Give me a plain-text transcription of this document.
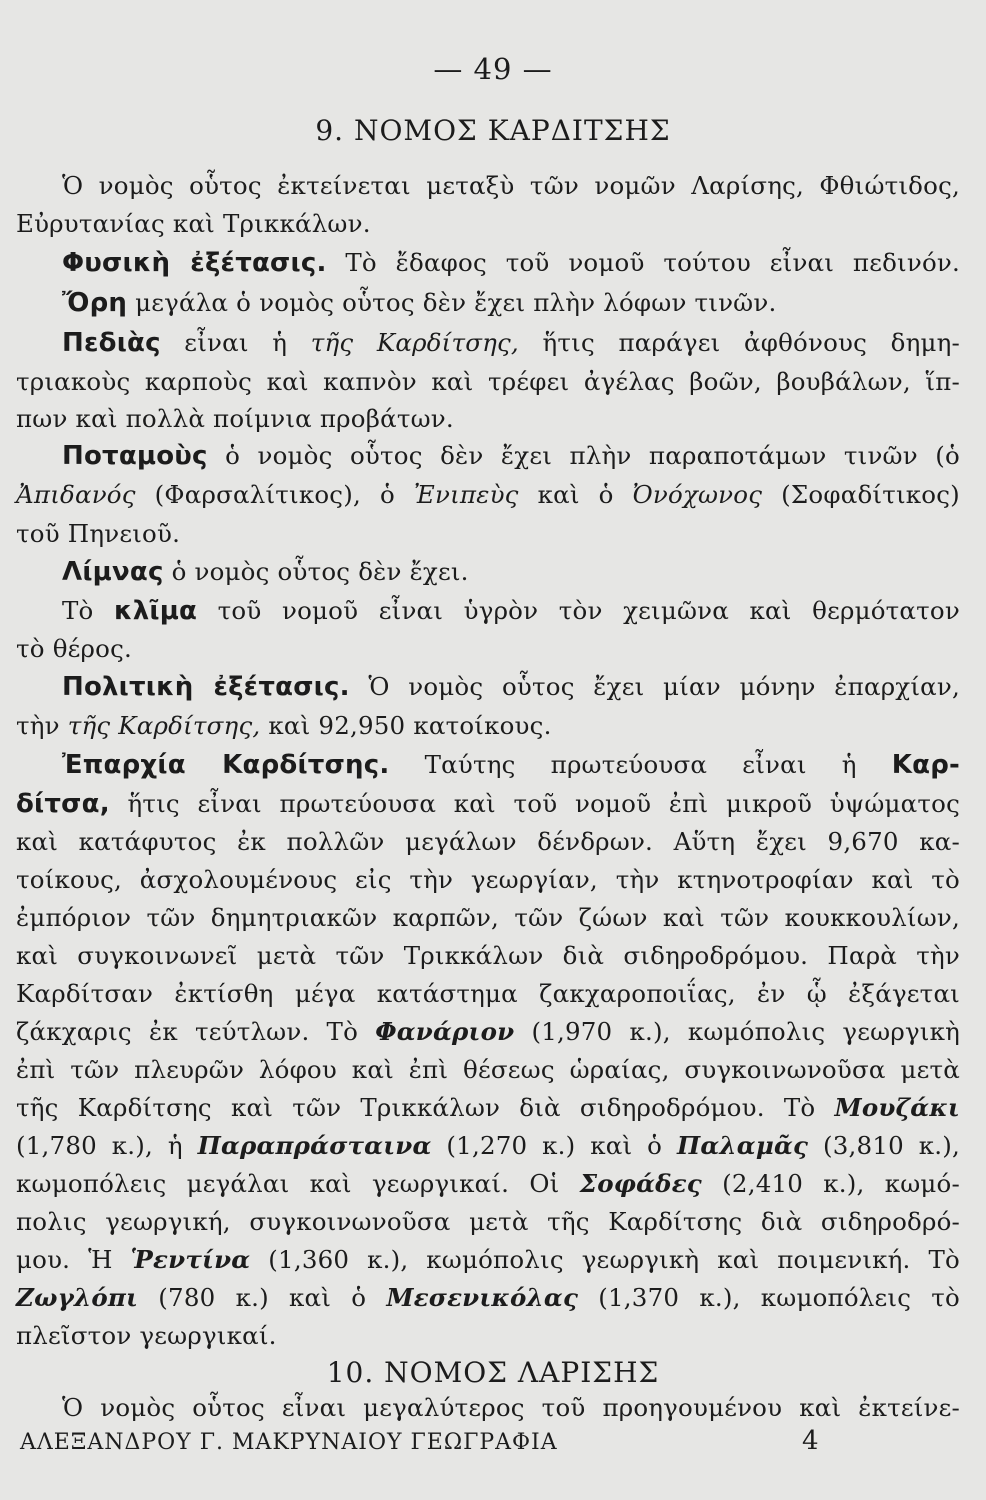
— 49 —
9. ΝΟΜΟΣ ΚΑΡΔΙΤΣΗΣ
Ὁ νομὸς οὗτος ἐκτείνεται μεταξὺ τῶν νομῶν Λαρίσης, Φθιώτιδος,
Εὐρυτανίας καὶ Τρικκάλων.
Φυσικὴ ἐξέτασις. Τὸ ἔδαφος τοῦ νομοῦ τούτου εἶναι πεδινόν.
Ὄρη μεγάλα ὁ νομὸς οὗτος δὲν ἔχει πλὴν λόφων τινῶν.
Πεδιὰς εἶναι ἡ τῆς Καρδίτσης, ἥτις παράγει ἀφθόνους δημη-
τριακοὺς καρποὺς καὶ καπνὸν καὶ τρέφει ἀγέλας βοῶν, βουβάλων, ἵπ-
πων καὶ πολλὰ ποίμνια προβάτων.
Ποταμοὺς ὁ νομὸς οὗτος δὲν ἔχει πλὴν παραποτάμων τινῶν (ὁ
Ἀπιδανός (Φαρσαλίτικος), ὁ Ἐνιπεὺς καὶ ὁ Ὀνόχωνος (Σοφαδίτικος)
τοῦ Πηνειοῦ.
Λίμνας ὁ νομὸς οὗτος δὲν ἔχει.
Τὸ κλῖμα τοῦ νομοῦ εἶναι ὑγρὸν τὸν χειμῶνα καὶ θερμότατον
τὸ θέρος.
Πολιτικὴ ἐξέτασις. Ὁ νομὸς οὗτος ἔχει μίαν μόνην ἐπαρχίαν,
τὴν τῆς Καρδίτσης, καὶ 92,950 κατοίκους.
Ἐπαρχία Καρδίτσης. Ταύτης πρωτεύουσα εἶναι ἡ Καρ-
δίτσα, ἥτις εἶναι πρωτεύουσα καὶ τοῦ νομοῦ ἐπὶ μικροῦ ὑψώματος
καὶ κατάφυτος ἐκ πολλῶν μεγάλων δένδρων. Αὕτη ἔχει 9,670 κα-
τοίκους, ἀσχολουμένους εἰς τὴν γεωργίαν, τὴν κτηνοτροφίαν καὶ τὸ
ἐμπόριον τῶν δημητριακῶν καρπῶν, τῶν ζώων καὶ τῶν κουκκουλίων,
καὶ συγκοινωνεῖ μετὰ τῶν Τρικκάλων διὰ σιδηροδρόμου. Παρὰ τὴν
Καρδίτσαν ἐκτίσθη μέγα κατάστημα ζακχαροποιΐας, ἐν ᾧ ἐξάγεται
ζάκχαρις ἐκ τεύτλων. Τὸ Φανάριον (1,970 κ.), κωμόπολις γεωργικὴ
ἐπὶ τῶν πλευρῶν λόφου καὶ ἐπὶ θέσεως ὡραίας, συγκοινωνοῦσα μετὰ
τῆς Καρδίτσης καὶ τῶν Τρικκάλων διὰ σιδηροδρόμου. Τὸ Μουζάκι
(1,780 κ.), ἡ Παραπράσταινα (1,270 κ.) καὶ ὁ Παλαμᾶς (3,810 κ.),
κωμοπόλεις μεγάλαι καὶ γεωργικαί. Οἱ Σοφάδες (2,410 κ.), κωμό-
πολις γεωργική, συγκοινωνοῦσα μετὰ τῆς Καρδίτσης διὰ σιδηροδρό-
μου. Ἡ Ῥεντίνα (1,360 κ.), κωμόπολις γεωργικὴ καὶ ποιμενική. Τὸ
Ζωγλόπι (780 κ.) καὶ ὁ Μεσενικόλας (1,370 κ.), κωμοπόλεις τὸ
πλεῖστον γεωργικαί.
10. ΝΟΜΟΣ ΛΑΡΙΣΗΣ
Ὁ νομὸς οὗτος εἶναι μεγαλύτερος τοῦ προηγουμένου καὶ ἐκτείνε-
ΑΛΕΞΑΝΔΡΟΥ Γ. ΜΑΚΡΥΝΑΙΟΥ ΓΕΩΓΡΑΦΙΑ	4
